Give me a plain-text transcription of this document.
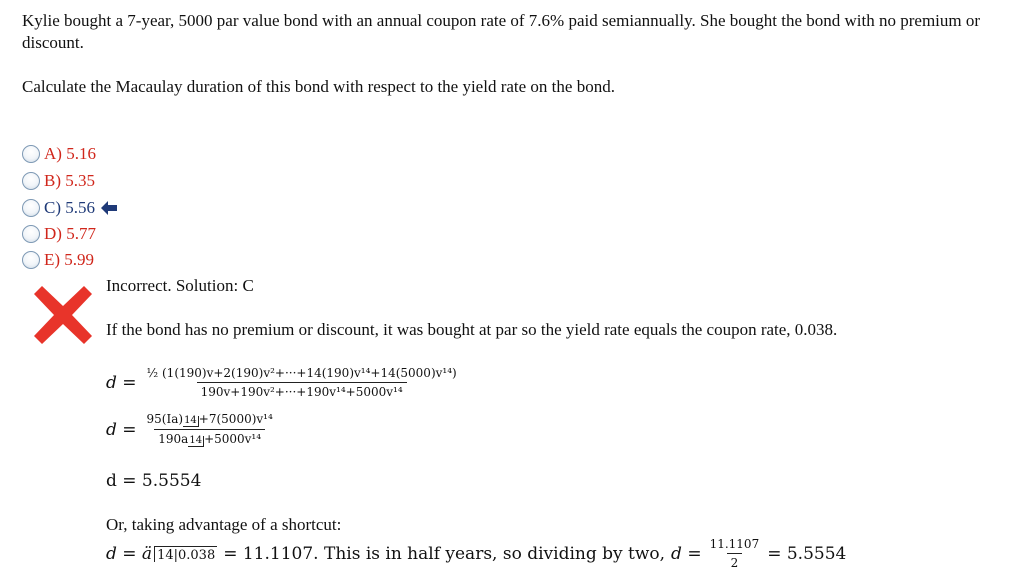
Kylie bought a 7-year, 5000 par value bond with an annual coupon rate of 7.6% paid semiannually. She bought the bond with no premium or discount.
Calculate the Macaulay duration of this bond with respect to the yield rate on the bond.
A) 5.16
B) 5.35
C) 5.56
D) 5.77
E) 5.99
Incorrect. Solution: C
If the bond has no premium or discount, it was bought at par so the yield rate equals the coupon rate, 0.038.
$d = \frac{\text{½ (1(190)v+2(190)v²+···+14(190)v¹⁴+14(5000)v¹⁴)}}{\text{190v+190v²+···+190v¹⁴+5000v¹⁴}}$
$d = \frac{\text{95(Ia)14 +7(5000)v¹⁴}}{\text{190a14 +5000v¹⁴}}$
d = 5.5554
Or, taking advantage of a shortcut:
d = ä 14|0.038 = 11.1107. This is in half years, so dividing by two, $d = \frac{11.1107}{2} = 5.5554$
